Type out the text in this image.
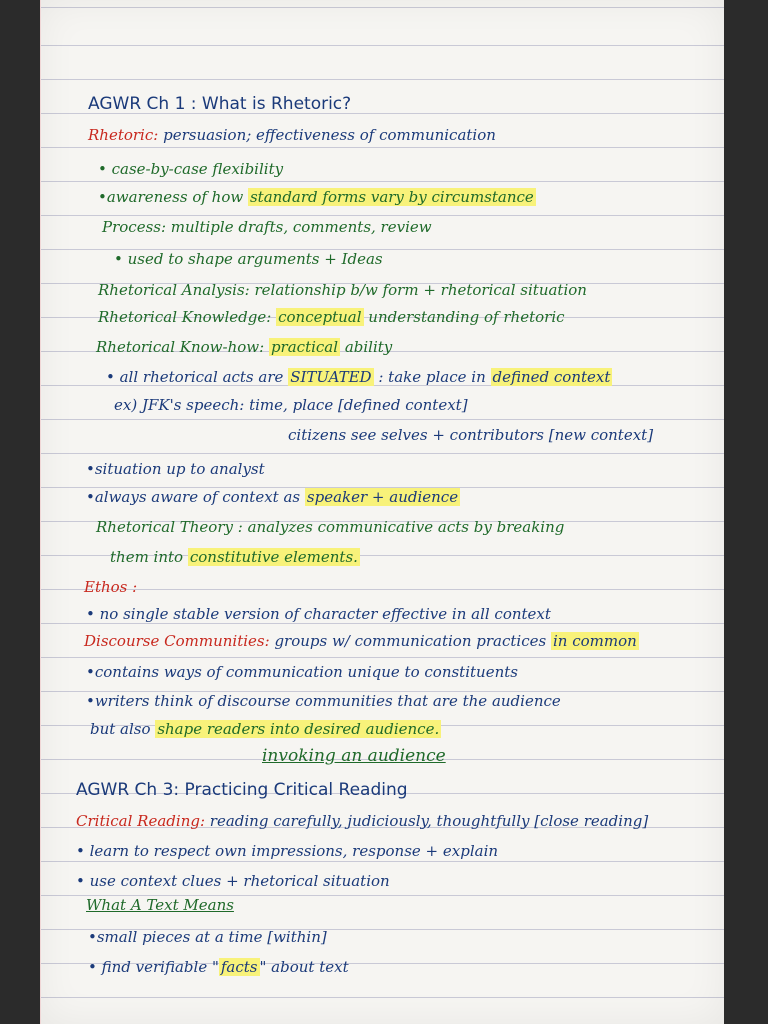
AGWR Ch 1 : What is Rhetoric?
Rhetoric: persuasion; effectiveness of communication
• case-by-case flexibility
•awareness of how standard forms vary by circumstance
Process: multiple drafts, comments, review
• used to shape arguments + Ideas
Rhetorical Analysis: relationship b/w form + rhetorical situation
Rhetorical Knowledge: conceptual understanding of rhetoric
Rhetorical Know-how: practical ability
• all rhetorical acts are SITUATED : take place in defined context
ex) JFK's speech: time, place [defined context]
citizens see selves + contributors [new context]
•situation up to analyst
•always aware of context as speaker + audience
Rhetorical Theory : analyzes communicative acts by breaking
them into constitutive elements.
Ethos :
• no single stable version of character effective in all context
Discourse Communities: groups w/ communication practices in common
•contains ways of communication unique to constituents
•writers think of discourse communities that are the audience
but also shape readers into desired audience.
invoking an audience
AGWR Ch 3: Practicing Critical Reading
Critical Reading: reading carefully, judiciously, thoughtfully [close reading]
• learn to respect own impressions, response + explain
• use context clues + rhetorical situation
What A Text Means
•small pieces at a time [within]
• find verifiable " facts " about text
